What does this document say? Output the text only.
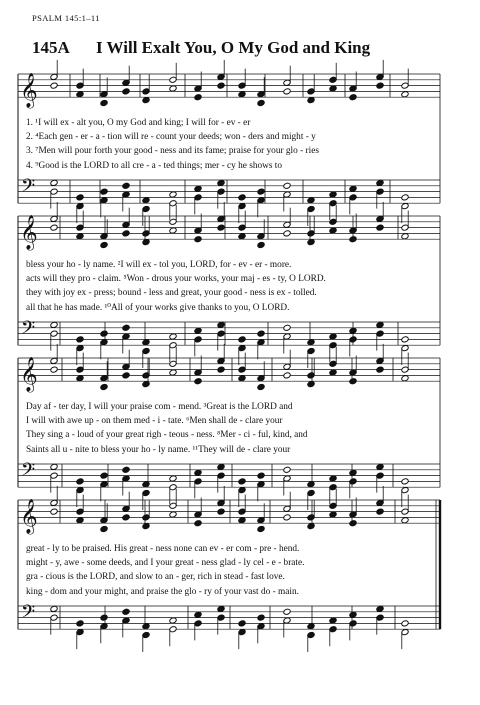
PSALM 145:1–11
145A I Will Exalt You, O My God and King
𝄞
𝄢
𝄞
𝄢
𝄞
𝄢
𝄞
𝄢
1. ¹I will ex - alt you, O my God and king; I will for - ev - er
2. ⁴Each gen - er - a - tion will re - count your deeds; won - ders and might - y
3. ⁷Men will pour forth your good - ness and its fame; praise for your glo - ries
4. ⁹Good is the LORD to all cre - a - ted things; mer - cy he shows to
bless your ho - ly name. ²I will ex - tol you, LORD, for - ev - er - more.
acts will they pro - claim. ⁵Won - drous your works, your maj - es - ty, O LORD.
they with joy ex - press; bound - less and great, your good - ness is ex - tolled.
all that he has made. ¹⁰All of your works give thanks to you, O LORD.
Day af - ter day, I will your praise com - mend. ³Great is the LORD and
I will with awe up - on them med - i - tate. ⁶Men shall de - clare your
They sing a - loud of your great righ - teous - ness. ⁸Mer - ci - ful, kind, and
Saints all u - nite to bless your ho - ly name. ¹¹They will de - clare your
great - ly to be praised. His great - ness none can ev - er com - pre - hend.
might - y, awe - some deeds, and I your great - ness glad - ly cel - e - brate.
gra - cious is the LORD, and slow to an - ger, rich in stead - fast love.
king - dom and your might, and praise the glo - ry of your vast do - main.
